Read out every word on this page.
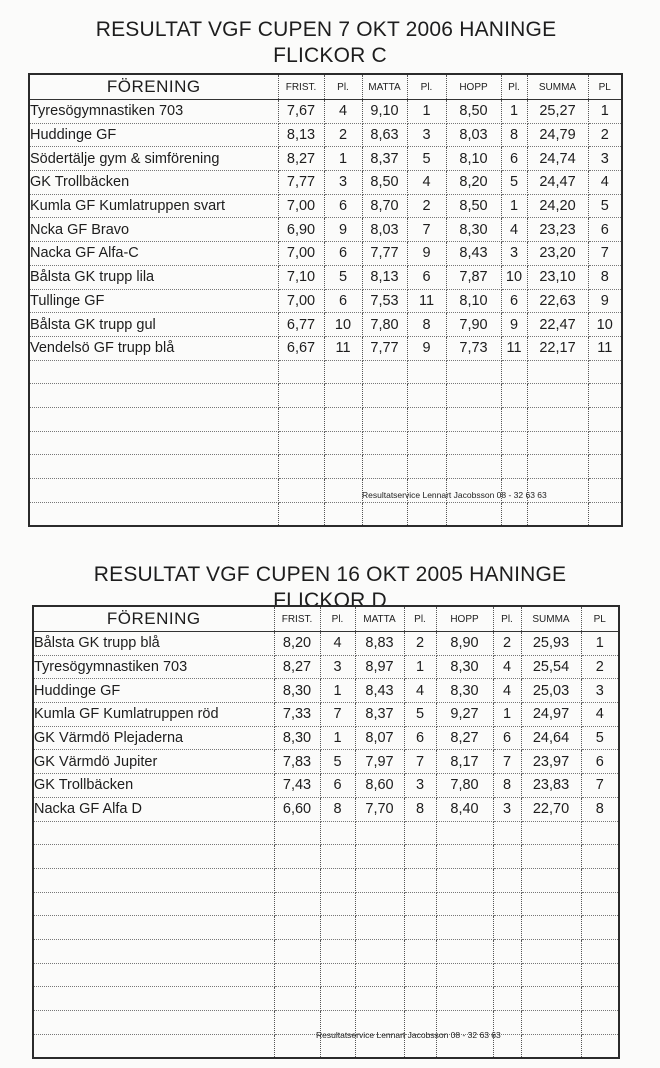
RESULTAT VGF CUPEN 7 OKT 2006 HANINGE
FLICKOR C
FÖRENING	FRIST.	Pl.	MATTA	Pl.	HOPP	Pl.	SUMMA	PL
Tyresögymnastiken 703	7,67	4	9,10	1	8,50	1	25,27	1
Huddinge GF	8,13	2	8,63	3	8,03	8	24,79	2
Södertälje gym & simförening	8,27	1	8,37	5	8,10	6	24,74	3
GK Trollbäcken	7,77	3	8,50	4	8,20	5	24,47	4
Kumla GF Kumlatruppen svart	7,00	6	8,70	2	8,50	1	24,20	5
Ncka GF Bravo	6,90	9	8,03	7	8,30	4	23,23	6
Nacka GF Alfa-C	7,00	6	7,77	9	8,43	3	23,20	7
Bålsta GK trupp lila	7,10	5	8,13	6	7,87	10	23,10	8
Tullinge GF	7,00	6	7,53	11	8,10	6	22,63	9
Bålsta GK trupp gul	6,77	10	7,80	8	7,90	9	22,47	10
Vendelsö GF trupp blå	6,67	11	7,77	9	7,73	11	22,17	11

Resultatservice Lennart Jacobsson 08 - 32 63 63
RESULTAT VGF CUPEN 16 OKT 2005 HANINGE
FLICKOR D
FÖRENING	FRIST.	Pl.	MATTA	Pl.	HOPP	Pl.	SUMMA	PL
Bålsta GK trupp blå	8,20	4	8,83	2	8,90	2	25,93	1
Tyresögymnastiken 703	8,27	3	8,97	1	8,30	4	25,54	2
Huddinge GF	8,30	1	8,43	4	8,30	4	25,03	3
Kumla GF Kumlatruppen röd	7,33	7	8,37	5	9,27	1	24,97	4
GK Värmdö Plejaderna	8,30	1	8,07	6	8,27	6	24,64	5
GK Värmdö Jupiter	7,83	5	7,97	7	8,17	7	23,97	6
GK Trollbäcken	7,43	6	8,60	3	7,80	8	23,83	7
Nacka GF Alfa D	6,60	8	7,70	8	8,40	3	22,70	8

Resultatservice Lennart Jacobsson 08 - 32 63 63
